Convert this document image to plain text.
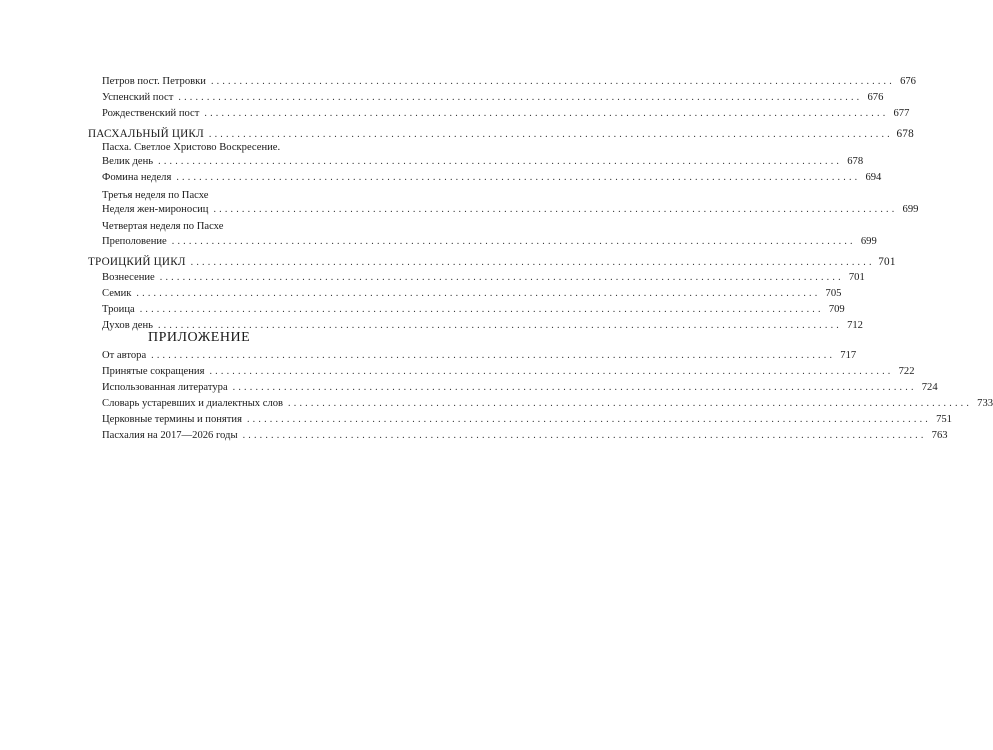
Петров пост. Петровки ........................................................................................................................ 676
Успенский пост ........................................................................................................................ 676
Рождественский пост ........................................................................................................................ 677
ПАСХАЛЬНЫЙ ЦИКЛ ........................................................................................................................ 678
Пасха. Светлое Христово Воскресение.
Велик день ........................................................................................................................ 678
Фомина неделя ........................................................................................................................ 694
Третья неделя по Пасхе
Неделя жен-мироносиц ........................................................................................................................ 699
Четвертая неделя по Пасхе
Преполовение ........................................................................................................................ 699
ТРОИЦКИЙ ЦИКЛ ........................................................................................................................ 701
Вознесение ........................................................................................................................ 701
Семик ........................................................................................................................ 705
Троица ........................................................................................................................ 709
Духов день ........................................................................................................................ 712
ПРИЛОЖЕНИЕ
От автора ........................................................................................................................ 717
Принятые сокращения ........................................................................................................................ 722
Использованная литература ........................................................................................................................ 724
Словарь устаревших и диалектных слов ........................................................................................................................ 733
Церковные термины и понятия ........................................................................................................................ 751
Пасхалия на 2017—2026 годы ........................................................................................................................ 763
